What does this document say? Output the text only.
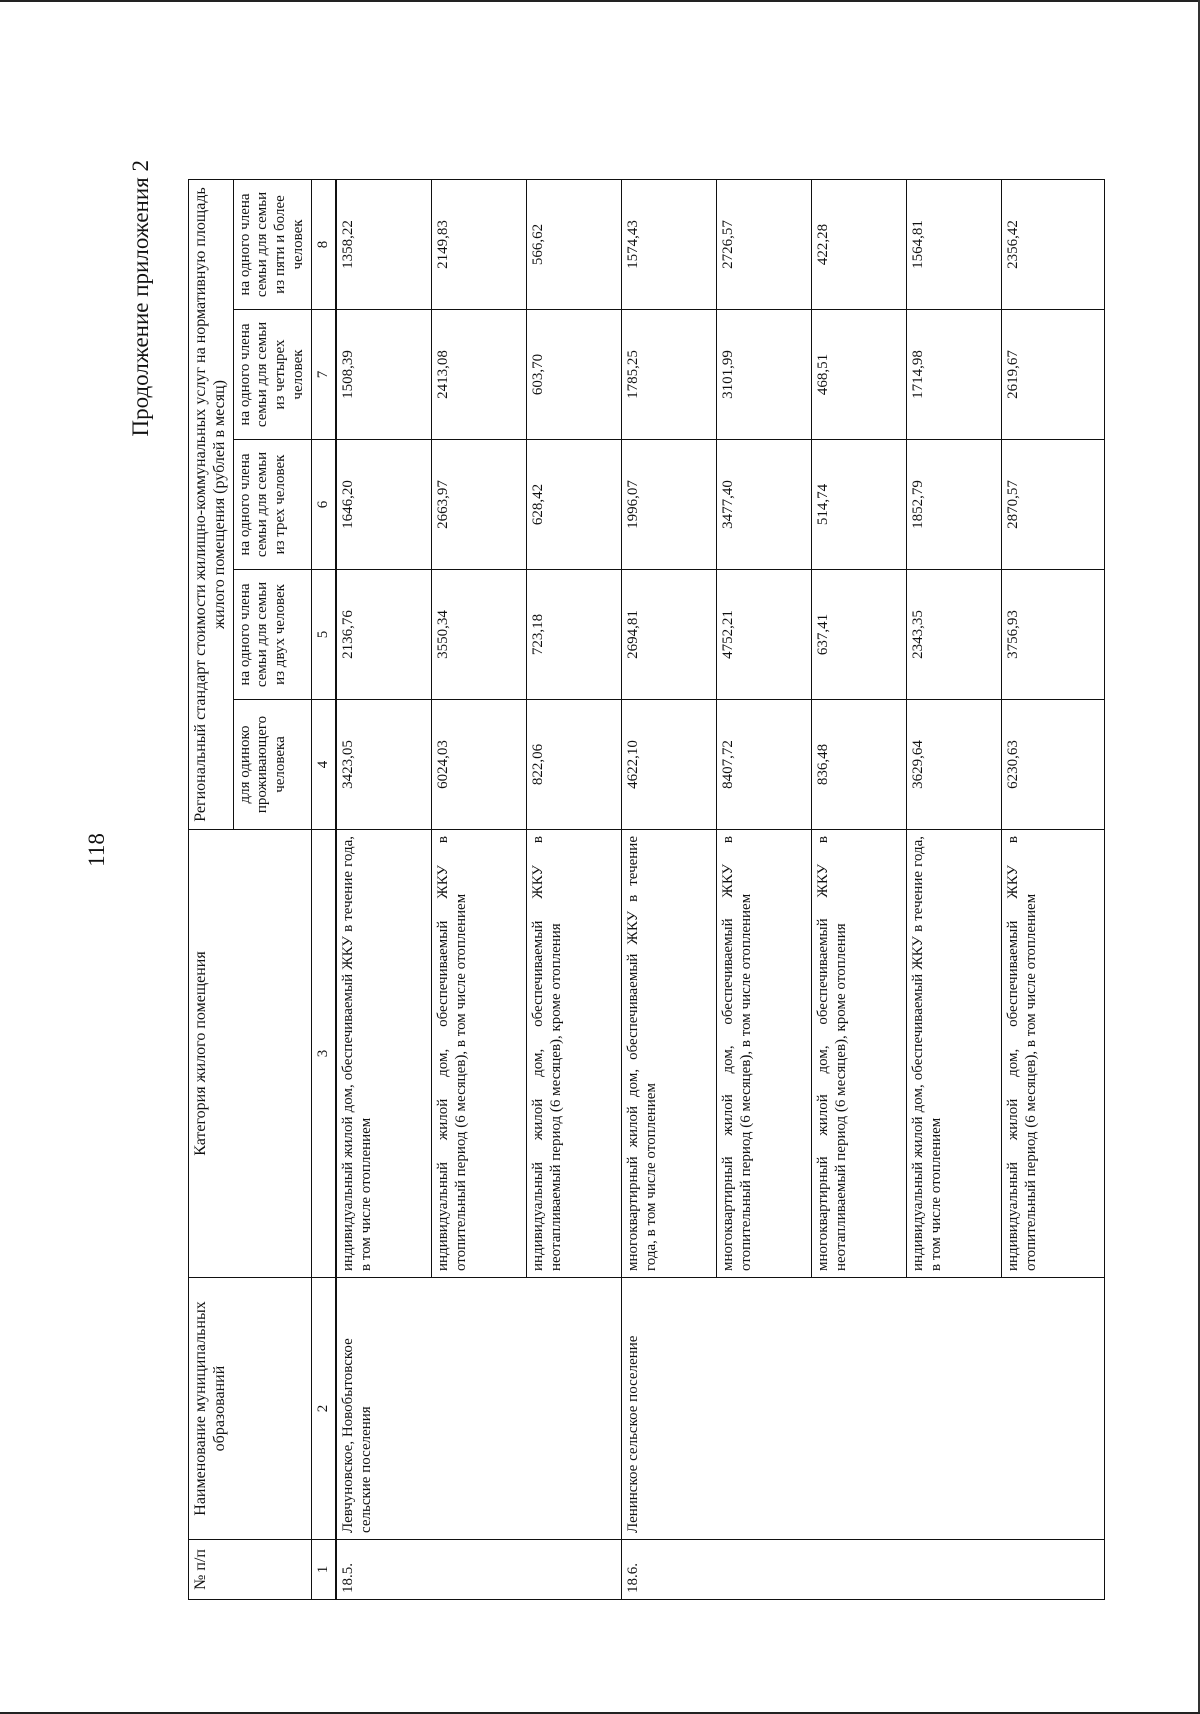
118
Продолжение приложения 2
№ п/п	Наименование муниципальных образований	Категория жилого помещения	Региональный стандарт стоимости жилищно-коммунальных услуг на нормативную площадь жилого помещения (рублей в месяц)				
			для одиноко проживающего человека	на одного члена семьи для семьи из двух человек	на одного члена семьи для семьи из трех человек	на одного члена семьи для семьи из четырех человек	на одного члена семьи для семьи из пяти и более человек
1	2	3	4	5	6	7	8
18.5.	Левчуновское, Новобытовское сельские поселения	индивидуальный жилой дом, обеспечиваемый ЖКУ в течение года, в том числе отоплением	3423,05	2136,76	1646,20	1508,39	1358,22
		индивидуальный жилой дом, обеспечиваемый ЖКУ в отопительный период (6 месяцев), в том числе отоплением	6024,03	3550,34	2663,97	2413,08	2149,83
		индивидуальный жилой дом, обеспечиваемый ЖКУ в неотапливаемый период (6 месяцев), кроме отопления	822,06	723,18	628,42	603,70	566,62
18.6.	Ленинское сельское поселение	многоквартирный жилой дом, обеспечиваемый ЖКУ в течение года, в том числе отоплением	4622,10	2694,81	1996,07	1785,25	1574,43
		многоквартирный жилой дом, обеспечиваемый ЖКУ в отопительный период (6 месяцев), в том числе отоплением	8407,72	4752,21	3477,40	3101,99	2726,57
		многоквартирный жилой дом, обеспечиваемый ЖКУ в неотапливаемый период (6 месяцев), кроме отопления	836,48	637,41	514,74	468,51	422,28
		индивидуальный жилой дом, обеспечиваемый ЖКУ в течение года, в том числе отоплением	3629,64	2343,35	1852,79	1714,98	1564,81
		индивидуальный жилой дом, обеспечиваемый ЖКУ в отопительный период (6 месяцев), в том числе отоплением	6230,63	3756,93	2870,57	2619,67	2356,42
